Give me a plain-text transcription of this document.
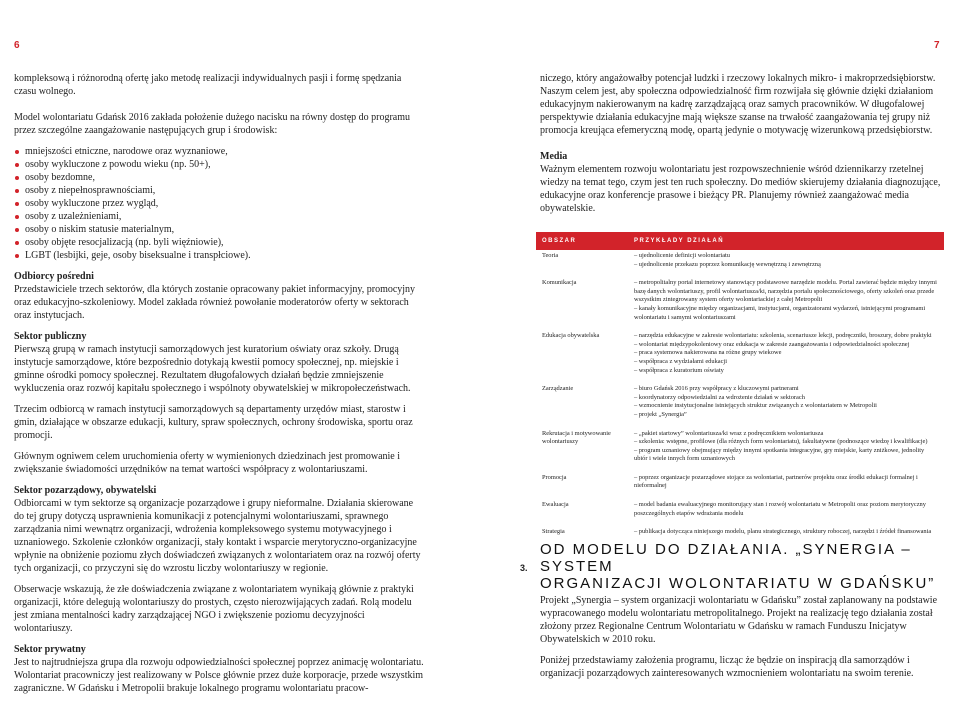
6	7

kompleksową i różnorodną ofertę jako metodę realizacji indywidualnych pasji i formę spędzania czasu wolnego.

Model wolontariatu Gdańsk 2016 zakłada położenie dużego nacisku na równy dostęp do programu przez szczególne zaangażowanie następujących grup i środowisk:

mniejszości etniczne, narodowe oraz wyznaniowe,
osoby wykluczone z powodu wieku (np. 50+),
osoby bezdomne,
osoby z niepełnosprawnościami,
osoby wykluczone przez wygląd,
osoby z uzależnieniami,
osoby o niskim statusie materialnym,
osoby objęte resocjalizacją (np. byli więźniowie),
LGBT (lesbijki, geje, osoby biseksualne i transpłciowe).

Odbiorcy pośredni

Przedstawiciele trzech sektorów, dla których zostanie opracowany pakiet informacyjny, promocyjny oraz edukacyjno-szkoleniowy. Model zakłada również powołanie moderatorów oferty w sektorach oraz instytucjach.

Sektor publiczny

Pierwszą grupą w ramach instytucji samorządowych jest kuratorium oświaty oraz szkoły. Drugą instytucje samorządowe, które bezpośrednio dotykają kwestii pomocy społecznej, np. miejskie i gminne ośrodki pomocy społecznej. Rezultatem długofalowych działań będzie zmniejszenie wykluczenia oraz rozwój kapitału społecznego i wspólnoty obywatelskiej w mikropołeczeństwach.

Trzecim odbiorcą w ramach instytucji samorządowych są departamenty urzędów miast, starostw i gmin, działające w obszarze edukacji, kultury, spraw społecznych, ochrony środowiska, sportu oraz promocji.

Głównym ogniwem celem uruchomienia oferty w wymienionych dziedzinach jest promowanie i zwiększanie świadomości urzędników na temat wartości współpracy z wolontariuszami.

Sektor pozarządowy, obywatelski

Odbiorcami w tym sektorze są organizacje pozarządowe i grupy nieformalne. Działania skierowane do tej grupy dotyczą usprawnienia komunikacji z potencjalnymi wolontariuszami, sprawnego zarządzania nimi wewnątrz organizacji, wdrożenia kompleksowego systemu motywacyjnego i uznaniowego. Szkolenie członków organizacji, stały kontakt i wsparcie merytoryczno-organizacyjne wpłynie na obniżenie poziomu złych doświadczeń związanych z wolontariatem oraz na rozwój oferty tych organizacji, co przyczyni się do wzrostu liczby wolontariuszy w regionie.

Obserwacje wskazują, że złe doświadczenia związane z wolontariatem wynikają głównie z praktyki organizacji, które delegują wolontariuszy do prostych, często nierozwijających zadań. Rolą modelu jest zmiana mentalności kadry zarządzającej NGO i zwiększenie poziomu decyzyjności wolontariuszy.

Sektor prywatny

Jest to najtrudniejsza grupa dla rozwoju odpowiedzialności społecznej poprzez animację wolontariatu. Wolontariat pracowniczy jest realizowany w Polsce głównie przez duże korporacje, przede wszystkim zagraniczne. W Gdańsku i Metropolii brakuje lokalnego programu wolontariatu pracow-

niczego, który angażowałby potencjał ludzki i rzeczowy lokalnych mikro- i makroprzedsiębiorstw. Naszym celem jest, aby społeczna odpowiedzialność firm rozwijała się głównie dzięki działaniom edukacyjnym nakierowanym na kadrę zarządzającą oraz samych pracowników. W długofalowej perspektywie działania edukacyjne mają większe szanse na trwałość zaangażowania tej grupy niż promocja kreująca efemeryczną modę, opartą jedynie o motywację wizerunkową przedsiębiorstw.

Media

Ważnym elementem rozwoju wolontariatu jest rozpowszechnienie wśród dziennikarzy rzetelnej wiedzy na temat tego, czym jest ten ruch społeczny. Do mediów skierujemy działania diagnozujące, edukacyjne oraz konferencje prasowe i bieżący PR. Planujemy również zaangażować media obywatelskie.

OBSZAR	PRZYKŁADY DZIAŁAŃ
Teoria	– ujednolicenie definicji wolontariatu
– ujednolicenie przekazu poprzez komunikację wewnętrzną i zewnętrzną

Komunikacja	– metropolitalny portal internetowy stanowiący podstawowe narzędzie modelu. Portal zawierać będzie między innymi bazę danych wolontariuszy, profil wolontariusza/ki, narzędzia portalu społecznościowego, oferty szkoleń oraz przede wszystkim zintegrowany system oferty wolontariackiej z całej Metropolii
– kanały komunikacyjne między organizacjami, instytucjami, organizatorami wydarzeń, istniejącymi programami wolontariatu i samymi wolontariuszami

Edukacja obywatelska	– narzędzia edukacyjne w zakresie wolontariatu: szkolenia, scenariusze lekcji, podręczniki, broszury, dobre praktyki
– wolontariat międzypokoleniowy oraz edukacja w zakresie zaangażowania i odpowiedzialności społecznej
– praca systemowa nakierowana na różne grupy wiekowe
– współpraca z wydziałami edukacji
– współpraca z kuratorium oświaty

Zarządzanie	– biuro Gdańsk 2016 przy współpracy z kluczowymi partnerami
– koordynatorzy odpowiedzialni za wdrożenie działań w sektorach
– wzmocnienie instytucjonalne istniejących struktur związanych z wolontariatem w Metropolii
– projekt „Synergia”

Rekrutacja i motywowanie wolontariuszy	– „pakiet startowy” wolontariusza/ki wraz z podręcznikiem wolontariusza
– szkolenia: wstępne, profilowe (dla różnych form wolontariatu), fakultatywne (podnoszące wiedzę i kwalifikacje)
– program uznaniowy obejmujący między innymi spotkania integracyjne, gry miejskie, karty zniżkowe, jednolity ubiór i wiele innych form uznaniowych

Promocja	– poprzez organizacje pozarządowe stojące za wolontariat, partnerów projektu oraz środki edukacji formalnej i nieformalnej

Ewaluacja	– model badania ewaluacyjnego monitorujący stan i rozwój wolontariatu w Metropolii oraz poziom merytoryczny poszczególnych etapów wdrażania modelu

Strategia	– publikacja dotycząca niniejszego modelu, planu strategicznego, struktury roboczej, narzędzi i źródeł finansowania
3.
OD MODELU DO DZIAŁANIA. „SYNERGIA – SYSTEM
ORGANIZACJI WOLONTARIATU W GDAŃSKU”

Projekt „Synergia – system organizacji wolontariatu w Gdańsku” został zaplanowany na podstawie wypracowanego modelu wolontariatu metropolitalnego. Projekt na realizację tego działania został złożony przez Regionalne Centrum Wolontariatu w Gdańsku w ramach Funduszu Inicjatyw Obywatelskich w 2010 roku.

Poniżej przedstawiamy założenia programu, licząc że będzie on inspiracją dla samorządów i organizacji pozarządowych zainteresowanych wzmocnieniem wolontariatu na swoim terenie.
